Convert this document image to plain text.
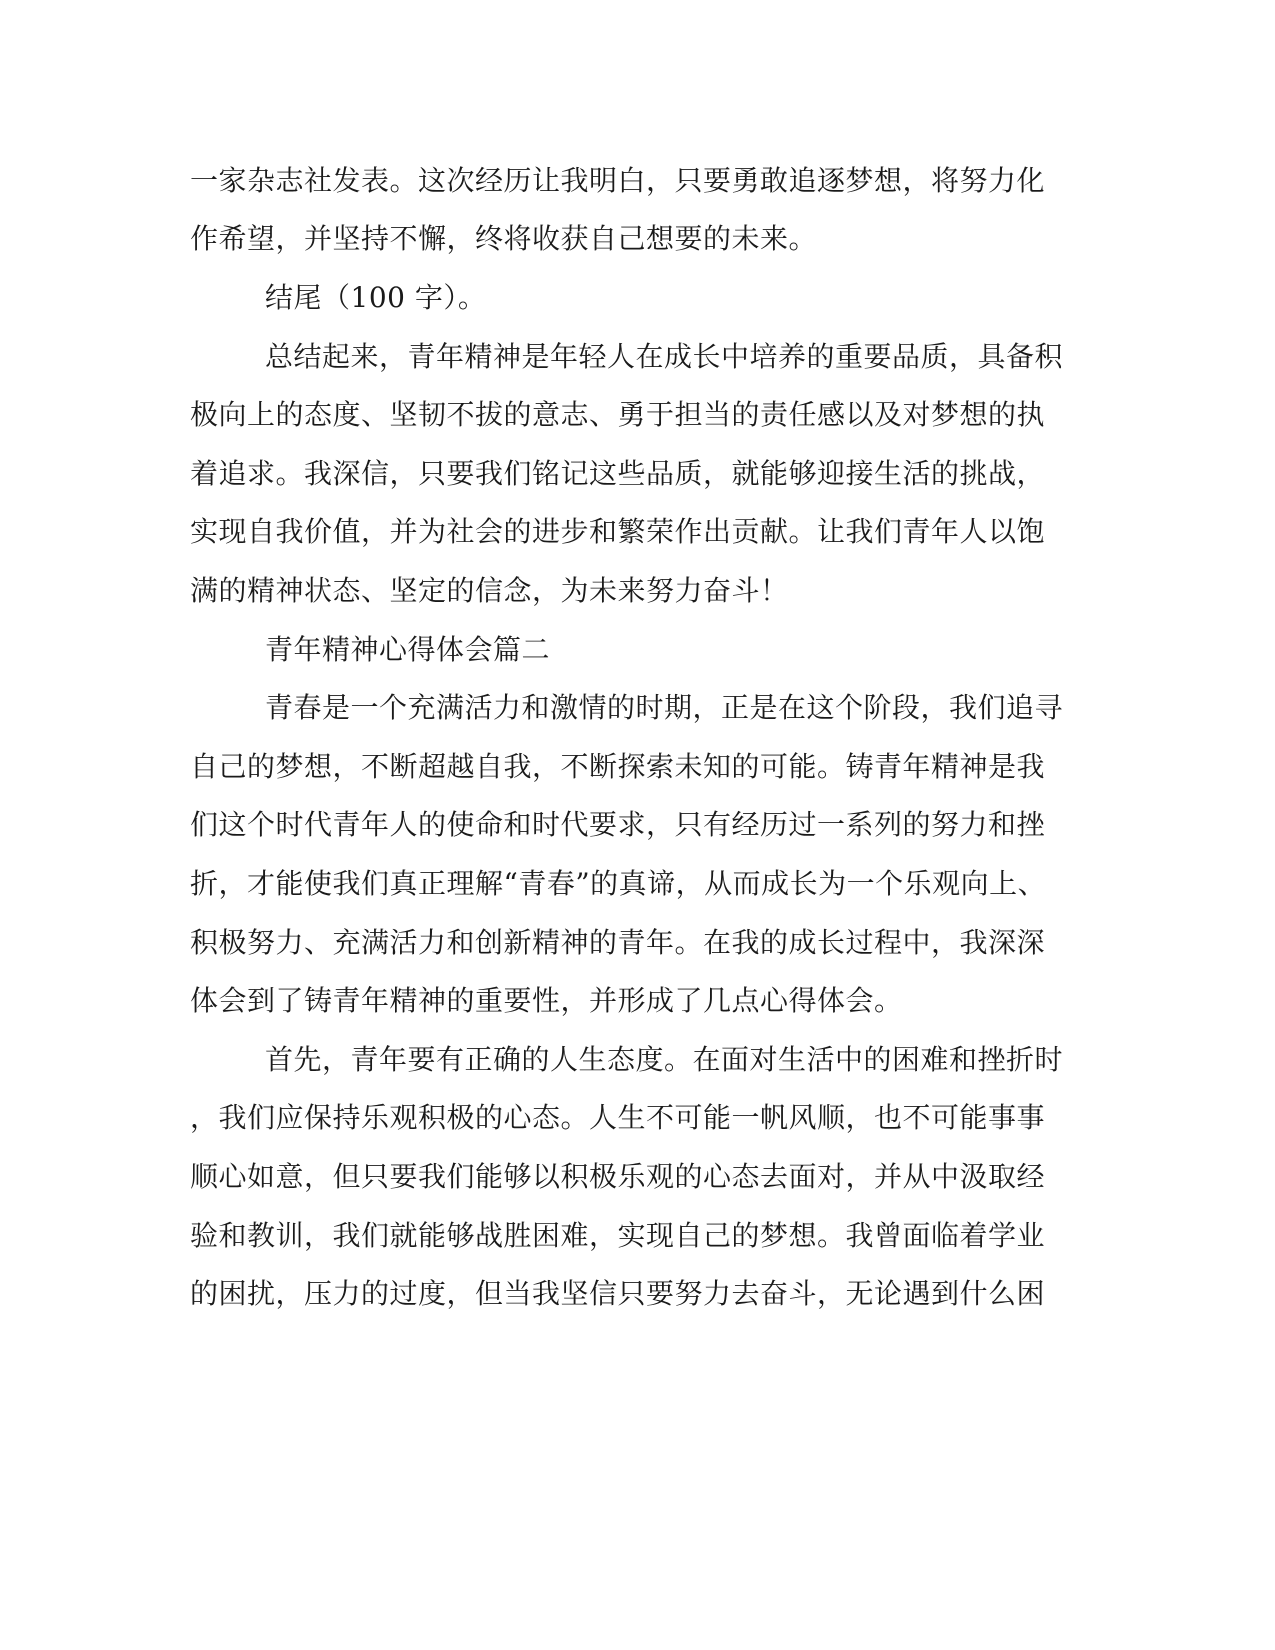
一家杂志社发表。这次经历让我明白，只要勇敢追逐梦想，将努力化
作希望，并坚持不懈，终将收获自己想要的未来。
结尾（100 字）。
总结起来，青年精神是年轻人在成长中培养的重要品质，具备积
极向上的态度、坚韧不拔的意志、勇于担当的责任感以及对梦想的执
着追求。我深信，只要我们铭记这些品质，就能够迎接生活的挑战，
实现自我价值，并为社会的进步和繁荣作出贡献。让我们青年人以饱
满的精神状态、坚定的信念，为未来努力奋斗！
青年精神心得体会篇二
青春是一个充满活力和激情的时期，正是在这个阶段，我们追寻
自己的梦想，不断超越自我，不断探索未知的可能。铸青年精神是我
们这个时代青年人的使命和时代要求，只有经历过一系列的努力和挫
折，才能使我们真正理解“青春”的真谛，从而成长为一个乐观向上、
积极努力、充满活力和创新精神的青年。在我的成长过程中，我深深
体会到了铸青年精神的重要性，并形成了几点心得体会。
首先，青年要有正确的人生态度。在面对生活中的困难和挫折时
，我们应保持乐观积极的心态。人生不可能一帆风顺，也不可能事事
顺心如意，但只要我们能够以积极乐观的心态去面对，并从中汲取经
验和教训，我们就能够战胜困难，实现自己的梦想。我曾面临着学业
的困扰，压力的过度，但当我坚信只要努力去奋斗，无论遇到什么困
